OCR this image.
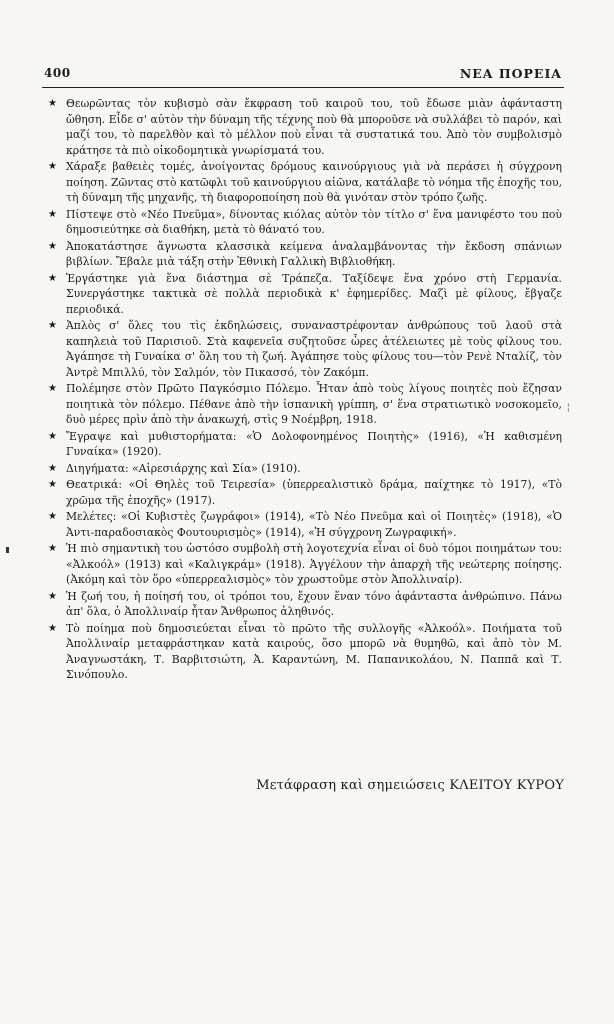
400	ΝΕΑ ΠΟΡΕΙΑ
★ Θεωρῶντας τὸν κυβισμὸ σὰν ἔκφραση τοῦ καιροῦ του, τοῦ ἔδωσε μιὰν ἀφάνταστη ὤθηση. Εἶδε σ' αὐτὸν τὴν δύναμη τῆς τέχνης ποὺ θὰ μποροῦσε νὰ συλλάβει τὸ παρόν, καὶ μαζί του, τὸ παρελθὸν καὶ τὸ μέλλον ποὺ εἶναι τὰ συστατικά του. Ἀπὸ τὸν συμβολισμὸ κράτησε τὰ πιὸ οἰκοδομητικὰ γνωρίσματά του.
★ Χάραξε βαθειὲς τομές, ἀνοίγοντας δρόμους καινούργιους γιὰ νὰ περάσει ἡ σύγχρονη ποίηση. Ζῶντας στὸ κατῶφλι τοῦ καινούργιου αἰῶνα, κατάλαβε τὸ νόημα τῆς ἐποχῆς του, τὴ δύναμη τῆς μηχανῆς, τὴ διαφοροποίηση ποὺ θὰ γινόταν στὸν τρόπο ζωῆς.
★ Πίστεψε στὸ «Νέο Πνεῦμα», δίνοντας κιόλας αὐτὸν τὸν τίτλο σ' ἕνα μανιφέστο του ποὺ δημοσιεύτηκε σὰ διαθήκη, μετὰ τὸ θάνατό του.
★ Ἀποκατάστησε ἄγνωστα κλασσικὰ κείμενα ἀναλαμβάνοντας τὴν ἔκδοση σπάνιων βιβλίων. Ἔβαλε μιὰ τάξη στὴν Ἐθνικὴ Γαλλικὴ Βιβλιοθήκη.
★ Ἐργάστηκε γιὰ ἕνα διάστημα σὲ Τράπεζα. Ταξίδεψε ἕνα χρόνο στὴ Γερμανία. Συνεργάστηκε τακτικὰ σὲ πολλὰ περιοδικὰ κ' ἐφημερίδες. Μαζὶ μὲ φίλους, ἔβγαζε περιοδικά.
★ Ἁπλὸς σ' ὅλες του τὶς ἐκδηλώσεις, συναναστρέφονταν ἀνθρώπους τοῦ λαοῦ στὰ καπηλειὰ τοῦ Παρισιοῦ. Στὰ καφενεῖα συζητοῦσε ὧρες ἀτέλειωτες μὲ τοὺς φίλους του. Ἀγάπησε τὴ Γυναίκα σ' ὅλη του τὴ ζωή. Ἀγάπησε τοὺς φίλους του—τὸν Ρενὲ Νταλίζ, τὸν Ἀντρὲ Μπιλλύ, τὸν Σαλμόν, τὸν Πικασσό, τὸν Ζακόμπ.
★ Πολέμησε στὸν Πρῶτο Παγκόσμιο Πόλεμο. Ἦταν ἀπὸ τοὺς λίγους ποιητὲς ποὺ ἔζησαν ποιητικὰ τὸν πόλεμο. Πέθανε ἀπὸ τὴν ἱσπανικὴ γρίππη, σ' ἕνα στρατιωτικὸ νοσοκομεῖο, δυὸ μέρες πρὶν ἀπὸ τὴν ἀνακωχή, στὶς 9 Νοέμβρη, 1918.
★ Ἔγραψε καὶ μυθιστορήματα: «Ὁ Δολοφονημένος Ποιητὴς» (1916), «Ἡ καθισμένη Γυναίκα» (1920).
★ Διηγήματα: «Αἱρεσιάρχης καὶ Σία» (1910).
★ Θεατρικά: «Οἱ Θηλὲς τοῦ Τειρεσία» (ὑπερρεαλιστικὸ δράμα, παίχτηκε τὸ 1917), «Τὸ χρῶμα τῆς ἐποχῆς» (1917).
★ Μελέτες: «Οἱ Κυβιστὲς ζωγράφοι» (1914), «Τὸ Νέο Πνεῦμα καὶ οἱ Ποιητὲς» (1918), «Ὁ Ἀντι-παραδοσιακὸς Φουτουρισμὸς» (1914), «Ἡ σύγχρονη Ζωγραφική».
★ Ἡ πιὸ σημαντικὴ του ὡστόσο συμβολὴ στὴ λογοτεχνία εἶναι οἱ δυὸ τόμοι ποιημάτων του: «Ἀλκοόλ» (1913) καὶ «Καλιγκράμ» (1918). Ἀγγέλουν τὴν ἀπαρχὴ τῆς νεώτερης ποίησης. (Ἀκόμη καὶ τὸν ὅρο «ὑπερρεαλισμὸς» τὸν χρωστοῦμε στὸν Ἀπολλιναίρ).
★ Ἡ ζωή του, ἡ ποίησή του, οἱ τρόποι του, ἔχουν ἕναν τόνο ἀφάνταστα ἀνθρώπινο. Πάνω ἀπ' ὅλα, ὁ Ἀπολλιναίρ ἦταν Ἄνθρωπος ἀληθινός.
★ Τὸ ποίημα ποὺ δημοσιεύεται εἶναι τὸ πρῶτο τῆς συλλογῆς «Ἀλκοόλ». Ποιήματα τοῦ Ἀπολλιναίρ μεταφράστηκαν κατὰ καιρούς, ὅσο μπορῶ νὰ θυμηθῶ, καὶ ἀπὸ τὸν Μ. Ἀναγνωστάκη, Τ. Βαρβιτσιώτη, Ἀ. Καραντώνη, Μ. Παπανικολάου, Ν. Παππᾶ καὶ Τ. Σινόπουλο.
Μετάφραση καὶ σημειώσεις ΚΛΕΙΤΟΥ ΚΥΡΟΥ
¦
